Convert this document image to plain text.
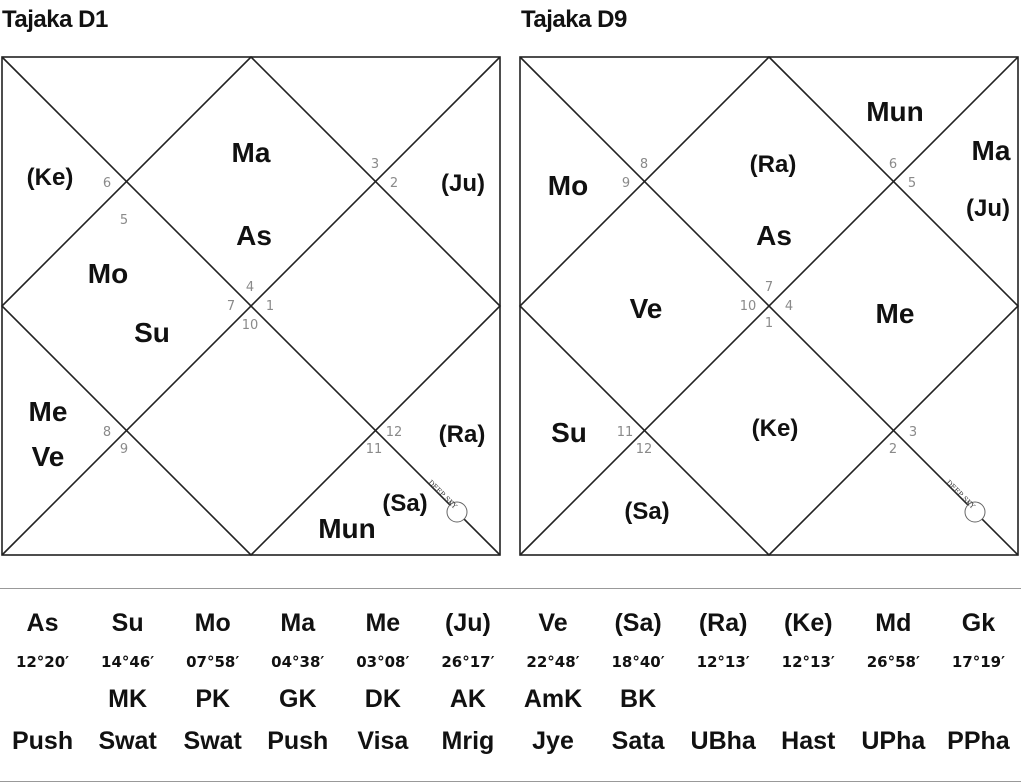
Tajaka D1
5
6
3
2
4
7 1
10
8
9
12
11
(Ke)
Ma
(Ju)
As
Mo
Su
Me
Ve
(Ra)
(Sa)
Mun
DEEP SKY
Tajaka D9
8
9
6
5
7
10 4
1
11
12
3
2
Mun
Ma
(Ra)
Mo
(Ju)
As
Ve	Me
Su	(Ke)
(Sa)
DEEP SKY
As	Su	Mo	Ma	Me	(Ju)	Ve	(Sa)	(Ra)	(Ke)	Md	Gk
12°20′	14°46′	07°58′	04°38′	03°08′	26°17′	22°48′	18°40′	12°13′	12°13′	26°58′	17°19′
	MK	PK	GK	DK	AK	AmK	BK				
Push	Swat	Swat	Push	Visa	Mrig	Jye	Sata	UBha	Hast	UPha	PPha
